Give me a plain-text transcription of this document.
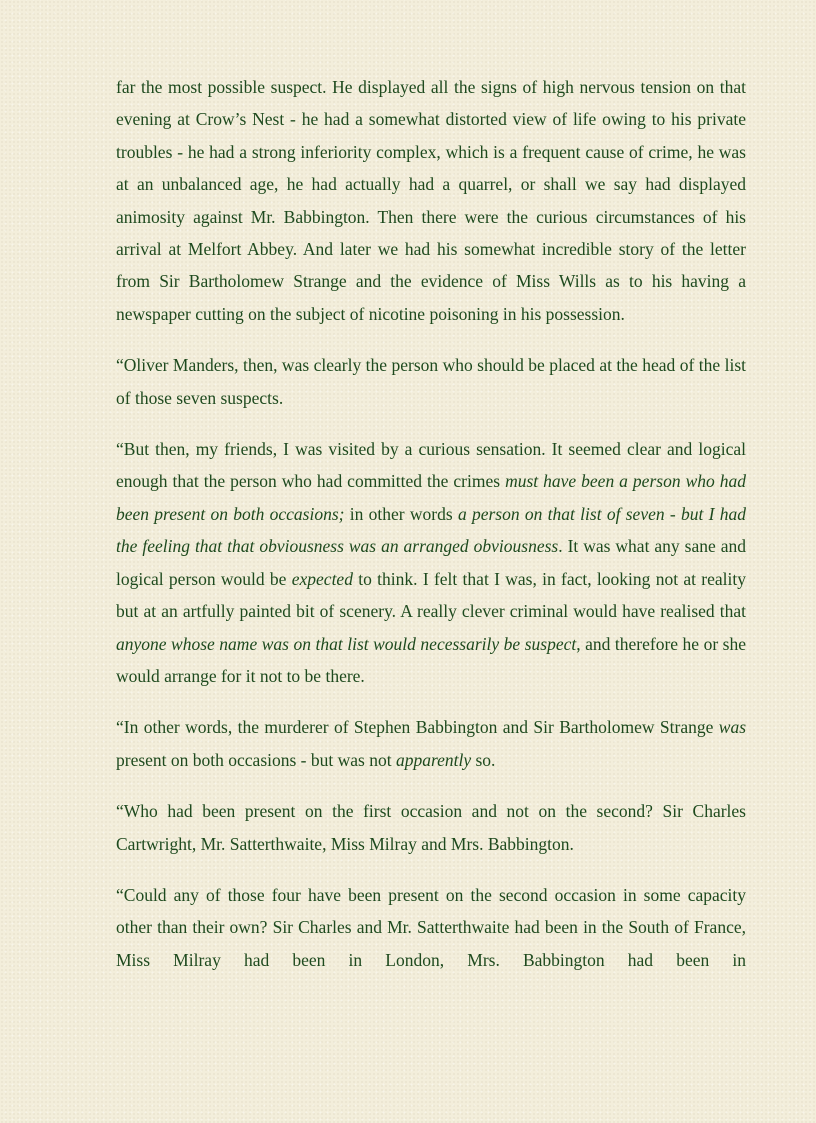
far the most possible suspect. He displayed all the signs of high nervous tension on that evening at Crow’s Nest - he had a somewhat distorted view of life owing to his private troubles - he had a strong inferiority complex, which is a frequent cause of crime, he was at an unbalanced age, he had actually had a quarrel, or shall we say had displayed animosity against Mr. Babbington. Then there were the curious circumstances of his arrival at Melfort Abbey. And later we had his somewhat incredible story of the letter from Sir Bartholomew Strange and the evidence of Miss Wills as to his having a newspaper cutting on the subject of nicotine poisoning in his possession.

“Oliver Manders, then, was clearly the person who should be placed at the head of the list of those seven suspects.

“But then, my friends, I was visited by a curious sensation. It seemed clear and logical enough that the person who had committed the crimes must have been a person who had been present on both occasions; in other words a person on that list of seven - but I had the feeling that that obviousness was an arranged obviousness. It was what any sane and logical person would be expected to think. I felt that I was, in fact, looking not at reality but at an artfully painted bit of scenery. A really clever criminal would have realised that anyone whose name was on that list would necessarily be suspect, and therefore he or she would arrange for it not to be there.

“In other words, the murderer of Stephen Babbington and Sir Bartholomew Strange was present on both occasions - but was not apparently so.

“Who had been present on the first occasion and not on the second? Sir Charles Cartwright, Mr. Satterthwaite, Miss Milray and Mrs. Babbington.

“Could any of those four have been present on the second occasion in some capacity other than their own? Sir Charles and Mr. Satterthwaite had been in the South of France, Miss Milray had been in London, Mrs. Babbington had been in
